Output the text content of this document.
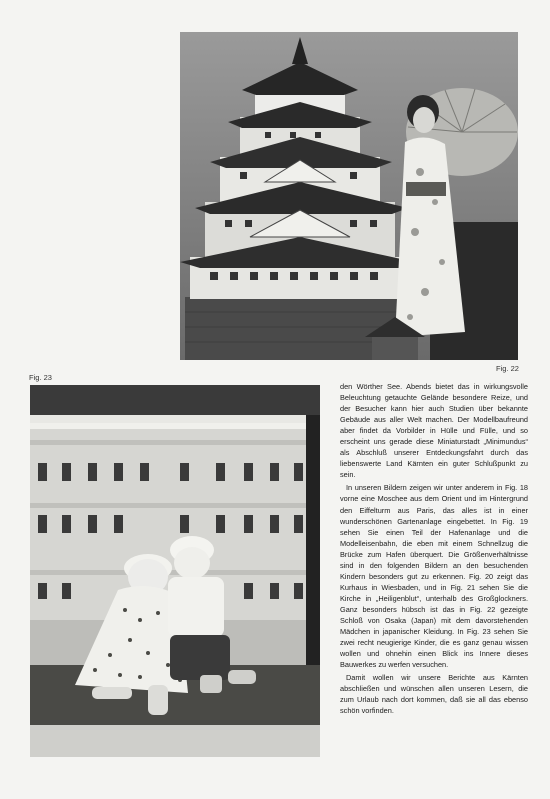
Fig. 22
Fig. 23

den Wörther See. Abends bietet das in wirkungsvolle Beleuchtung getauchte Gelände besondere Reize, und der Besucher kann hier auch Studien über bekannte Gebäude aus aller Welt machen. Der Modellbaufreund aber findet da Vorbilder in Hülle und Fülle, und so erscheint uns gerade diese Miniaturstadt „Minimundus“ als Abschluß unserer Entdeckungsfahrt durch das liebenswerte Land Kärnten ein guter Schlußpunkt zu sein.

In unseren Bildern zeigen wir unter anderem in Fig. 18 vorne eine Moschee aus dem Orient und im Hintergrund den Eiffelturm aus Paris, das alles ist in einer wunderschönen Gartenanlage eingebettet. In Fig. 19 sehen Sie einen Teil der Hafenanlage und die Modelleisenbahn, die eben mit einem Schnellzug die Brücke zum Hafen überquert. Die Größenverhältnisse sind in den folgenden Bildern an den besuchenden Kindern besonders gut zu erkennen. Fig. 20 zeigt das Kurhaus in Wiesbaden, und in Fig. 21 sehen Sie die Kirche in „Heiligenblut“, unterhalb des Großglockners. Ganz besonders hübsch ist das in Fig. 22 gezeigte Schloß von Osaka (Japan) mit dem davorstehenden Mädchen in japanischer Kleidung. In Fig. 23 sehen Sie zwei recht neugierige Kinder, die es ganz genau wissen wollen und ohnehin einen Blick ins Innere dieses Bauwerkes zu werfen versuchen.

Damit wollen wir unsere Berichte aus Kärnten abschließen und wünschen allen unseren Lesern, die zum Urlaub nach dort kommen, daß sie all das ebenso schön vorfinden.
